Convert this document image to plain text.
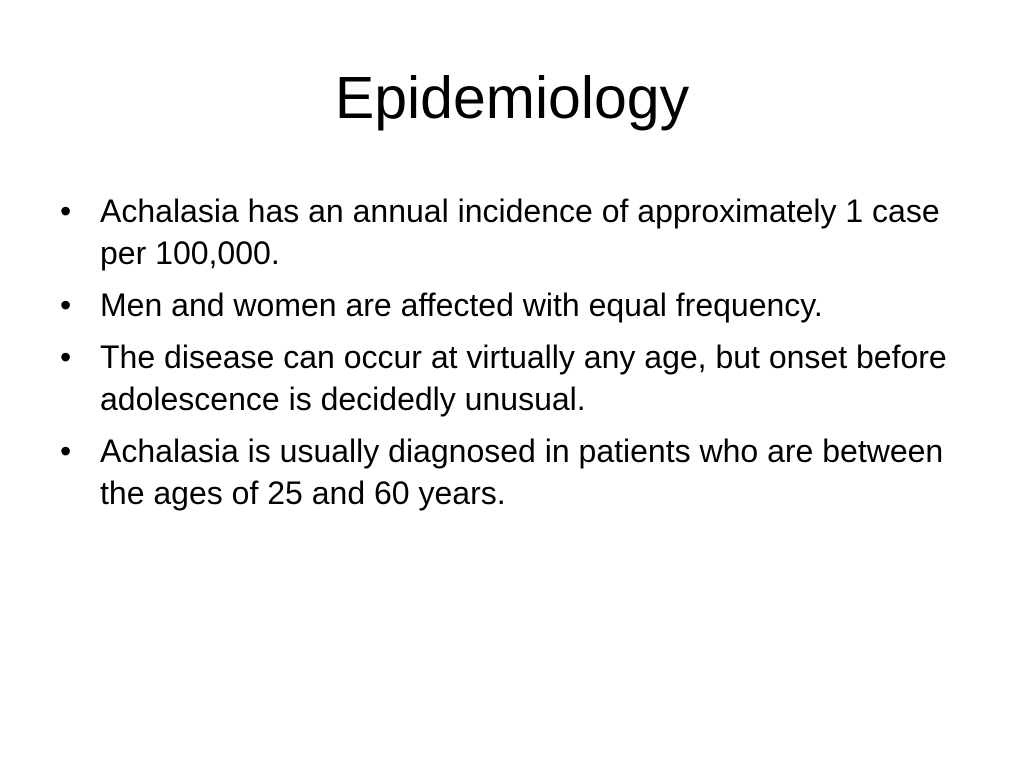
Epidemiology
• Achalasia has an annual incidence of approximately 1 case per 100,000.
• Men and women are affected with equal frequency.
• The disease can occur at virtually any age, but onset before adolescence is decidedly unusual.
• Achalasia is usually diagnosed in patients who are between the ages of 25 and 60 years.
